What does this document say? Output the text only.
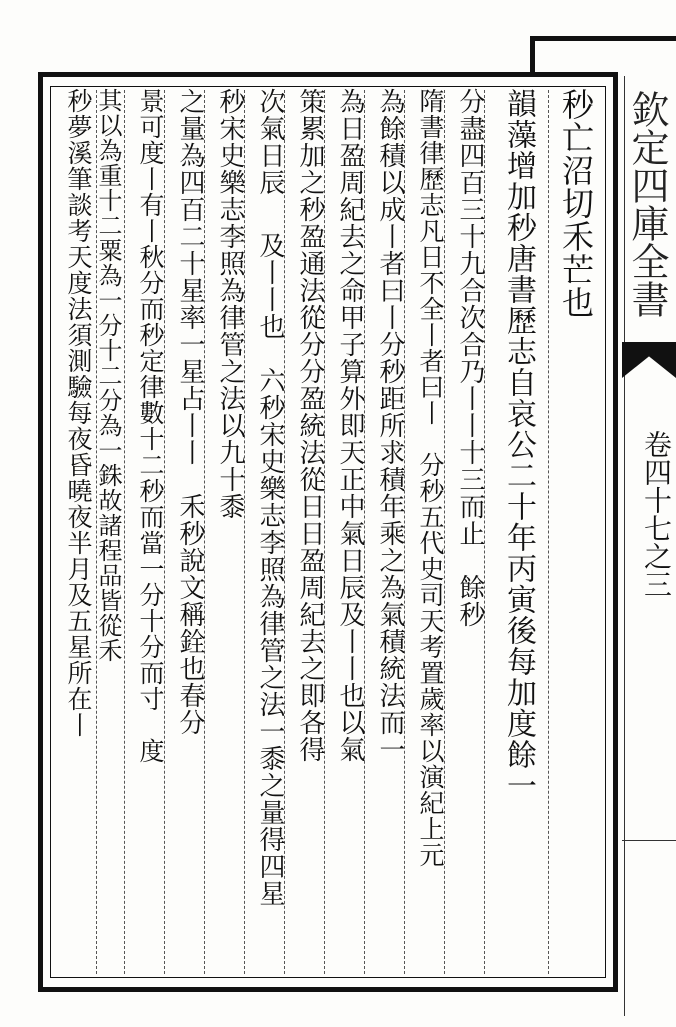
欽定四庫全書
卷四十七之三
秒亡沼切禾芒也
韻藻增加秒唐書歷志自哀公二十年丙寅後每加度餘一
分盡四百三十九合次合乃丨丨十三而止　餘秒
隋書律歷志凡日不全丨者曰丨　分秒五代史司天考置歲率以演紀上元
為餘積以成丨者曰丨分秒距所求積年乘之為氣積統法而一
為日盈周紀去之命甲子算外即天正中氣日辰及丨丨也以氣
策累加之秒盈通法從分分盈統法從日日盈周紀去之即各得
次氣日辰
及丨丨也　六秒宋史樂志李照為律管之法一黍之量得四星
秒宋史樂志李照為律管之法以九十黍
之量為四百二十星率一星占丨丨　禾秒說文稱銓也春分
景可度丨有丨秋分而秒定律數十二秒而當一分十分而寸　度
其以為重十二粟為一分十二分為一銖故諸程品皆從禾
秒夢溪筆談考天度法須測驗每夜昏曉夜半月及五星所在丨
